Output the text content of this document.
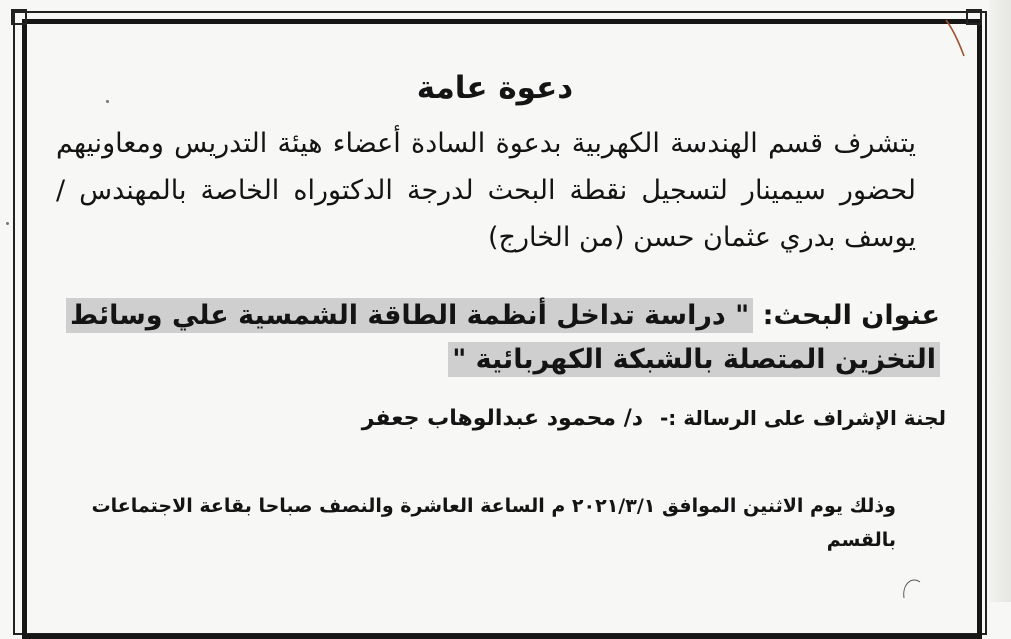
دعوة عامة

يتشرف قسم الهندسة الكهربية بدعوة السادة أعضاء هيئة التدريس ومعاونيهم لحضور سيمينار لتسجيل نقطة البحث لدرجة الدكتوراه الخاصة بالمهندس / يوسف بدري عثمان حسن (من الخارج)

عنوان البحث: " دراسة تداخل أنظمة الطاقة الشمسية علي وسائط التخزين المتصلة بالشبكة الكهربائية "
لجنة الإشراف على الرسالة :- د/ محمود عبدالوهاب جعفر

وذلك يوم الاثنين الموافق ٢٠٢١/٣/١ م الساعة العاشرة والنصف صباحا بقاعة الاجتماعات بالقسم
